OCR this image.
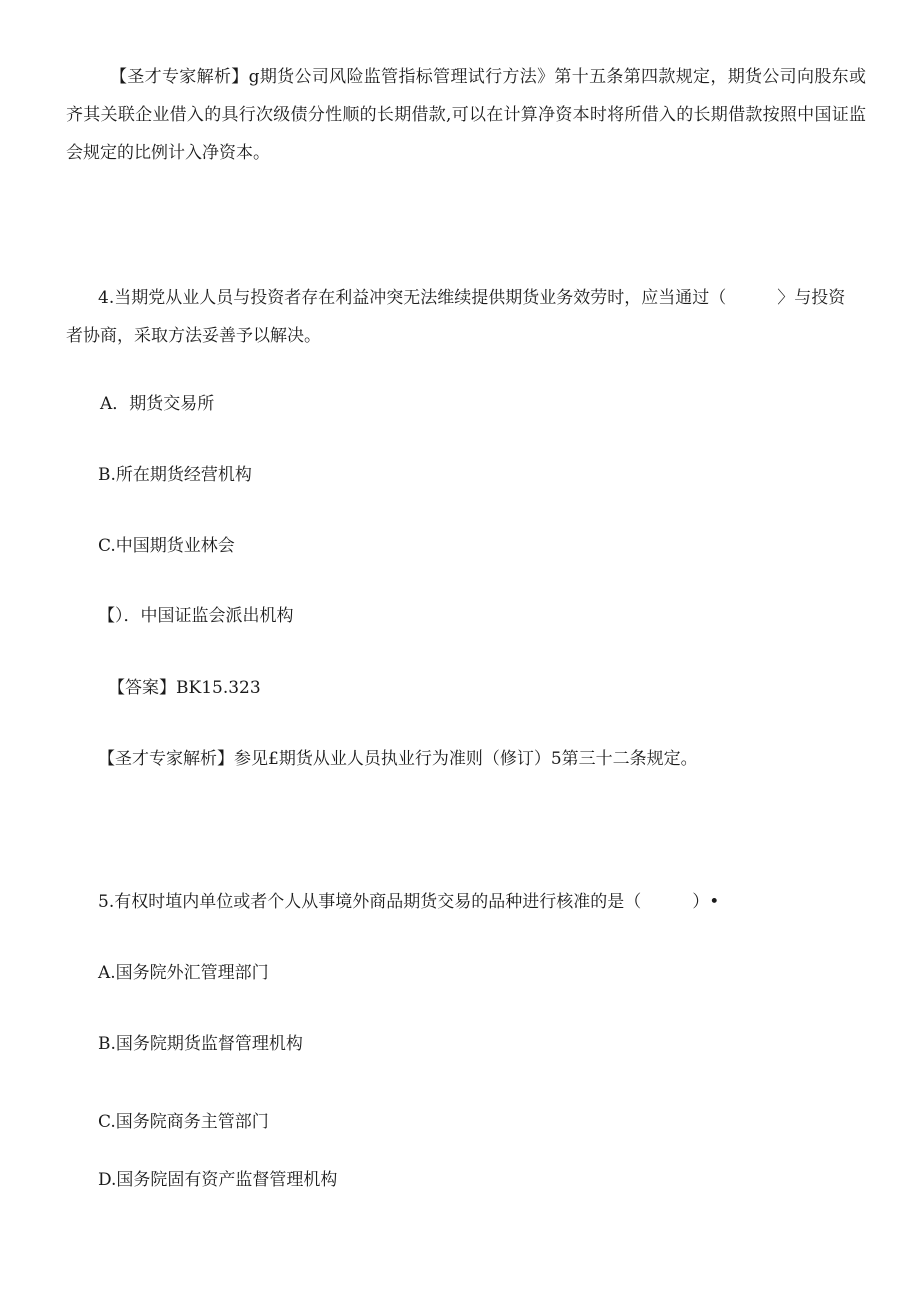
【圣才专家解析】g期货公司风险监管指标管理试行方法》第十五条第四款规定，期货公司向股东或齐其关联企业借入的具行次级债分性顺的长期借款,可以在计算净资本时将所借入的长期借款按照中国证监会规定的比例计入净资本。

4.当期党从业人员与投资者存在利益冲突无法维续提供期货业务效劳时，应当通过（　　　〉与投资者协商，采取方法妥善予以解决。

A．期货交易所

B.所在期货经营机构

C.中国期货业林会

【）．中国证监会派出机构

【答案】BK15.323

【圣才专家解析】参见£期货从业人员执业行为准则（修订）5第三十二条规定。

5.有权时埴内单位或者个人从事境外商品期货交易的品种进行核准的是（　　　）•

A.国务院外汇管理部门

B.国务院期货监督管理机构

C.国务院商务主管部门

D.国务院固有资产监督管理机构
